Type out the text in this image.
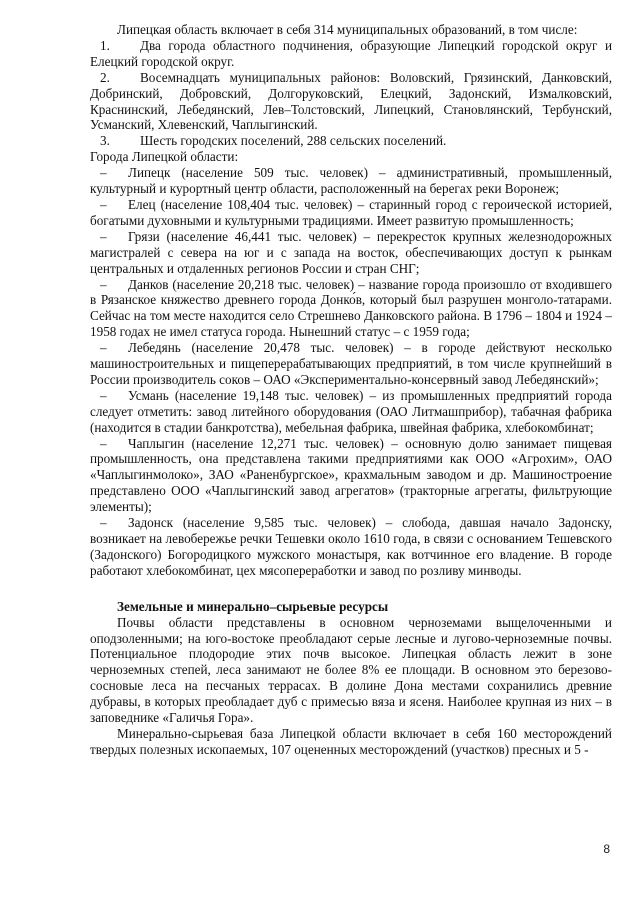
Липецкая область включает в себя 314 муниципальных образований, в том числе:

1. Два города областного подчинения, образующие Липецкий городской округ и Елецкий городской округ.

2. Восемнадцать муниципальных районов: Воловский, Грязинский, Данковский, Добринский, Добровский, Долгоруковский, Елецкий, Задонский, Измалковский, Краснинский, Лебедянский, Лев–Толстовский, Липецкий, Становлянский, Тербунский, Усманский, Хлевенский, Чаплыгинский.

3. Шесть городских поселений, 288 сельских поселений.

Города Липецкой области:

– Липецк (население 509 тыс. человек) – административный, промышленный, культурный и курортный центр области, расположенный на берегах реки Воронеж;

– Елец (население 108,404 тыс. человек) – старинный город с героической историей, богатыми духовными и культурными традициями. Имеет развитую промышленность;

– Грязи (население 46,441 тыс. человек) – перекресток крупных железнодорожных магистралей с севера на юг и с запада на восток, обеспечивающих доступ к рынкам центральных и отдаленных регионов России и стран СНГ;

– Данков (население 20,218 тыс. человек) – название города произошло от входившего в Рязанское княжество древнего города Донко́в, который был разрушен монголо-татарами. Сейчас на том месте находится село Стрешнево Данковского района. В 1796 – 1804 и 1924 – 1958 годах не имел статуса города. Нынешний статус – с 1959 года;

– Лебедянь (население 20,478 тыс. человек) – в городе действуют несколько машиностроительных и пищеперерабатывающих предприятий, в том числе крупнейший в России производитель соков – ОАО «Экспериментально-консервный завод Лебедянский»;

– Усмань (население 19,148 тыс. человек) – из промышленных предприятий города следует отметить: завод литейного оборудования (ОАО Литмашприбор), табачная фабрика (находится в стадии банкротства), мебельная фабрика, швейная фабрика, хлебокомбинат;

– Чаплыгин (население 12,271 тыс. человек) – основную долю занимает пищевая промышленность, она представлена такими предприятиями как ООО «Агрохим», ОАО «Чаплыгинмолоко», ЗАО «Раненбургское», крахмальным заводом и др. Машиностроение представлено ООО «Чаплыгинский завод агрегатов» (тракторные агрегаты, фильтрующие элементы);

– Задонск (население 9,585 тыс. человек) – слобода, давшая начало Задонску, возникает на левобережье речки Тешевки около 1610 года, в связи с основанием Тешевского (Задонского) Богородицкого мужского монастыря, как вотчинное его владение. В городе работают хлебокомбинат, цех мясопереработки и завод по розливу минводы.

Земельные и минерально–сырьевые ресурсы

Почвы области представлены в основном черноземами выщелоченными и оподзоленными; на юго-востоке преобладают серые лесные и лугово-черноземные почвы. Потенциальное плодородие этих почв высокое. Липецкая область лежит в зоне черноземных степей, леса занимают не более 8% ее площади. В основном это березово-сосновые леса на песчаных террасах. В долине Дона местами сохранились древние дубравы, в которых преобладает дуб с примесью вяза и ясеня. Наиболее крупная из них – в заповеднике «Галичья Гора».

Минерально-сырьевая база Липецкой области включает в себя 160 месторождений твердых полезных ископаемых, 107 оцененных месторождений (участков) пресных и 5 -

8
